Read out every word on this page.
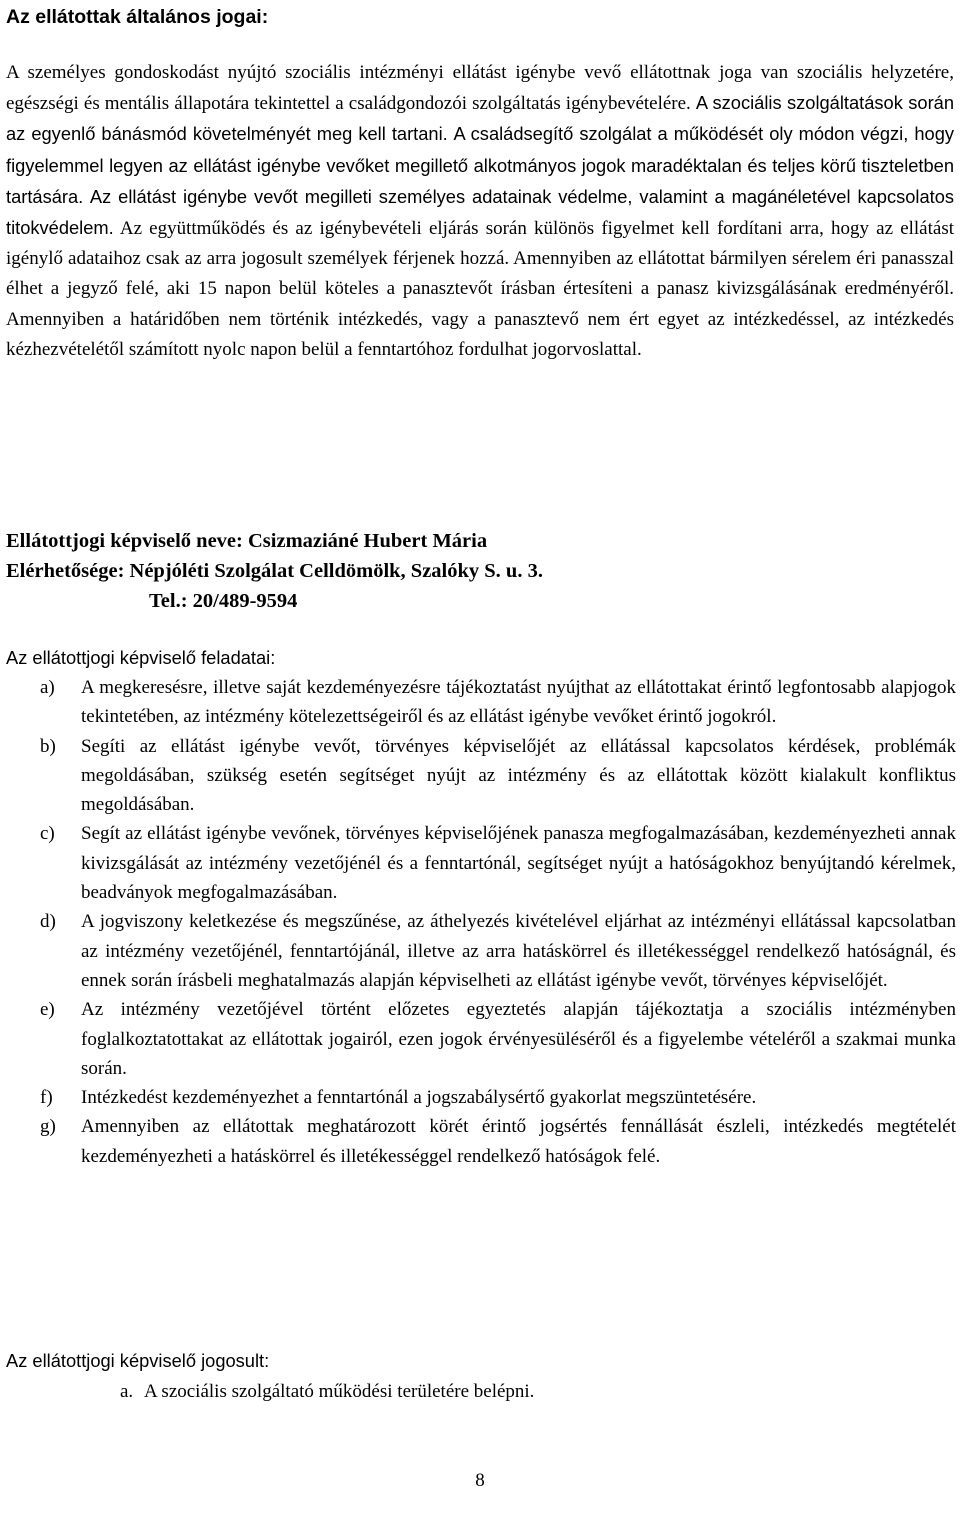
Az ellátottak általános jogai:
A személyes gondoskodást nyújtó szociális intézményi ellátást igénybe vevő ellátottnak joga van szociális helyzetére, egészségi és mentális állapotára tekintettel a családgondozói szolgáltatás igénybevételére. A szociális szolgáltatások során az egyenlő bánásmód követelményét meg kell tartani. A családsegítő szolgálat a működését oly módon végzi, hogy figyelemmel legyen az ellátást igénybe vevőket megillető alkotmányos jogok maradéktalan és teljes körű tiszteletben tartására. Az ellátást igénybe vevőt megilleti személyes adatainak védelme, valamint a magánéletével kapcsolatos titokvédelem. Az együttműködés és az igénybevételi eljárás során különös figyelmet kell fordítani arra, hogy az ellátást igénylő adataihoz csak az arra jogosult személyek férjenek hozzá. Amennyiben az ellátottat bármilyen sérelem éri panasszal élhet a jegyző felé, aki 15 napon belül köteles a panasztevőt írásban értesíteni a panasz kivizsgálásának eredményéről. Amennyiben a határidőben nem történik intézkedés, vagy a panasztevő nem ért egyet az intézkedéssel, az intézkedés kézhezvételétől számított nyolc napon belül a fenntartóhoz fordulhat jogorvoslattal.
Ellátottjogi képviselő neve: Csizmaziáné Hubert Mária
Elérhetősége: Népjóléti Szolgálat Celldömölk, Szalóky S. u. 3.
Tel.: 20/489-9594
Az ellátottjogi képviselő feladatai:
a) A megkeresésre, illetve saját kezdeményezésre tájékoztatást nyújthat az ellátottakat érintő legfontosabb alapjogok tekintetében, az intézmény kötelezettségeiről és az ellátást igénybe vevőket érintő jogokról.
b) Segíti az ellátást igénybe vevőt, törvényes képviselőjét az ellátással kapcsolatos kérdések, problémák megoldásában, szükség esetén segítséget nyújt az intézmény és az ellátottak között kialakult konfliktus megoldásában.
c) Segít az ellátást igénybe vevőnek, törvényes képviselőjének panasza megfogalmazásában, kezdeményezheti annak kivizsgálását az intézmény vezetőjénél és a fenntartónál, segítséget nyújt a hatóságokhoz benyújtandó kérelmek, beadványok megfogalmazásában.
d) A jogviszony keletkezése és megszűnése, az áthelyezés kivételével eljárhat az intézményi ellátással kapcsolatban az intézmény vezetőjénél, fenntartójánál, illetve az arra hatáskörrel és illetékességgel rendelkező hatóságnál, és ennek során írásbeli meghatalmazás alapján képviselheti az ellátást igénybe vevőt, törvényes képviselőjét.
e) Az intézmény vezetőjével történt előzetes egyeztetés alapján tájékoztatja a szociális intézményben foglalkoztatottakat az ellátottak jogairól, ezen jogok érvényesüléséről és a figyelembe vételéről a szakmai munka során.
f) Intézkedést kezdeményezhet a fenntartónál a jogszabálysértő gyakorlat megszüntetésére.
g) Amennyiben az ellátottak meghatározott körét érintő jogsértés fennállását észleli, intézkedés megtételét kezdeményezheti a hatáskörrel és illetékességgel rendelkező hatóságok felé.
Az ellátottjogi képviselő jogosult:
a. A szociális szolgáltató működési területére belépni.
8
